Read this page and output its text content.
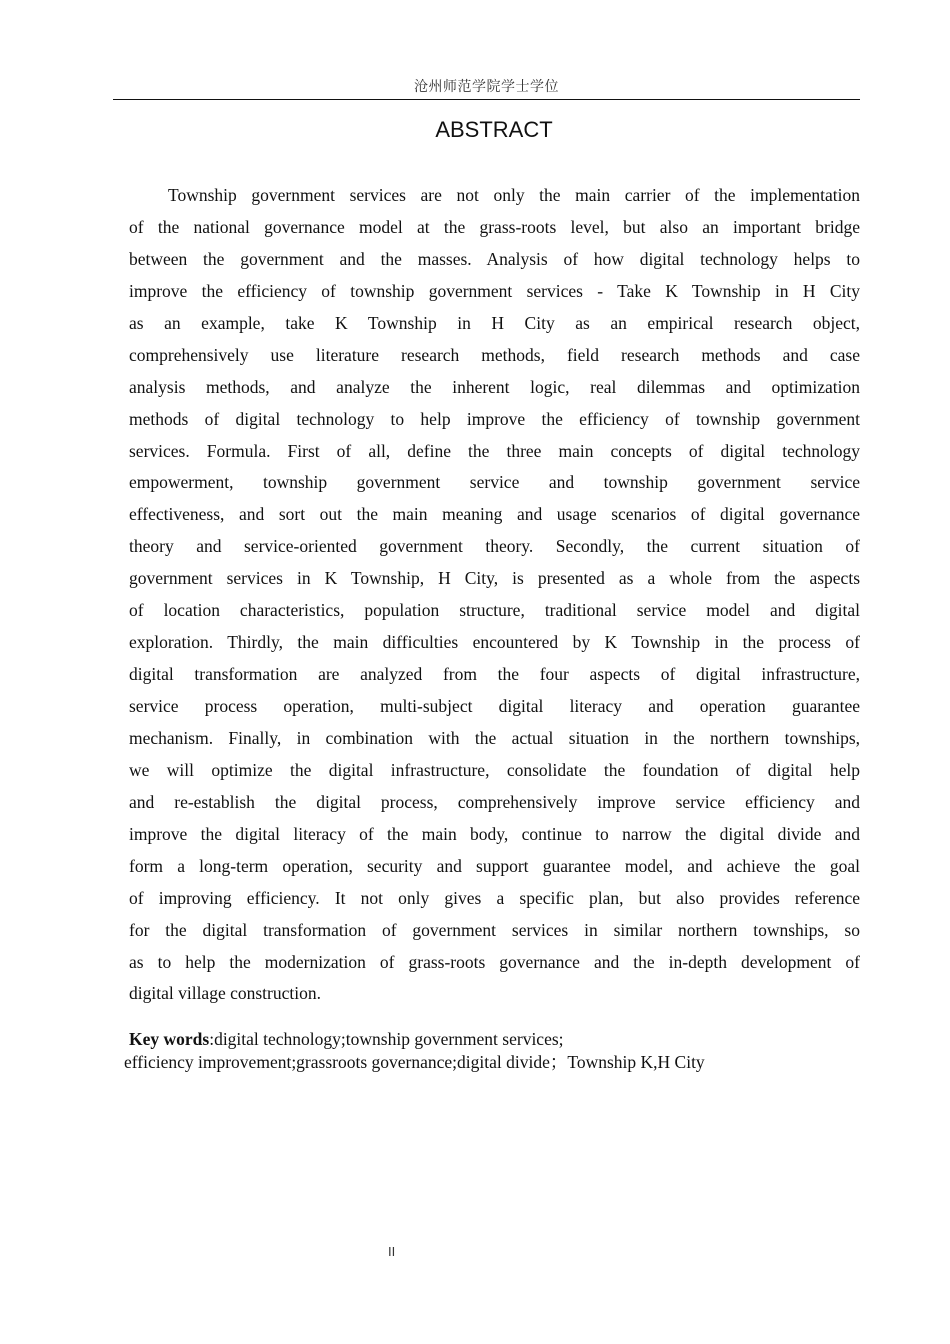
沧州师范学院学士学位
ABSTRACT
Township government services are not only the main carrier of the implementation
of the national governance model at the grass-roots level, but also an important bridge
between the government and the masses. Analysis of how digital technology helps to
improve the efficiency of township government services - Take K Township in H City
as an example, take K Township in H City as an empirical research object,
comprehensively use literature research methods, field research methods and case
analysis methods, and analyze the inherent logic, real dilemmas and optimization
methods of digital technology to help improve the efficiency of township government
services. Formula. First of all, define the three main concepts of digital technology
empowerment, township government service and township government service
effectiveness, and sort out the main meaning and usage scenarios of digital governance
theory and service-oriented government theory. Secondly, the current situation of
government services in K Township, H City, is presented as a whole from the aspects
of location characteristics, population structure, traditional service model and digital
exploration. Thirdly, the main difficulties encountered by K Township in the process of
digital transformation are analyzed from the four aspects of digital infrastructure,
service process operation, multi-subject digital literacy and operation guarantee
mechanism. Finally, in combination with the actual situation in the northern townships,
we will optimize the digital infrastructure, consolidate the foundation of digital help
and re-establish the digital process, comprehensively improve service efficiency and
improve the digital literacy of the main body, continue to narrow the digital divide and
form a long-term operation, security and support guarantee model, and achieve the goal
of improving efficiency. It not only gives a specific plan, but also provides reference
for the digital transformation of government services in similar northern townships, so
as to help the modernization of grass-roots governance and the in-depth development of
digital village construction.
Key words:digital technology;township government services;
efficiency improvement;grassroots governance;digital divide；Township K,H City
II
